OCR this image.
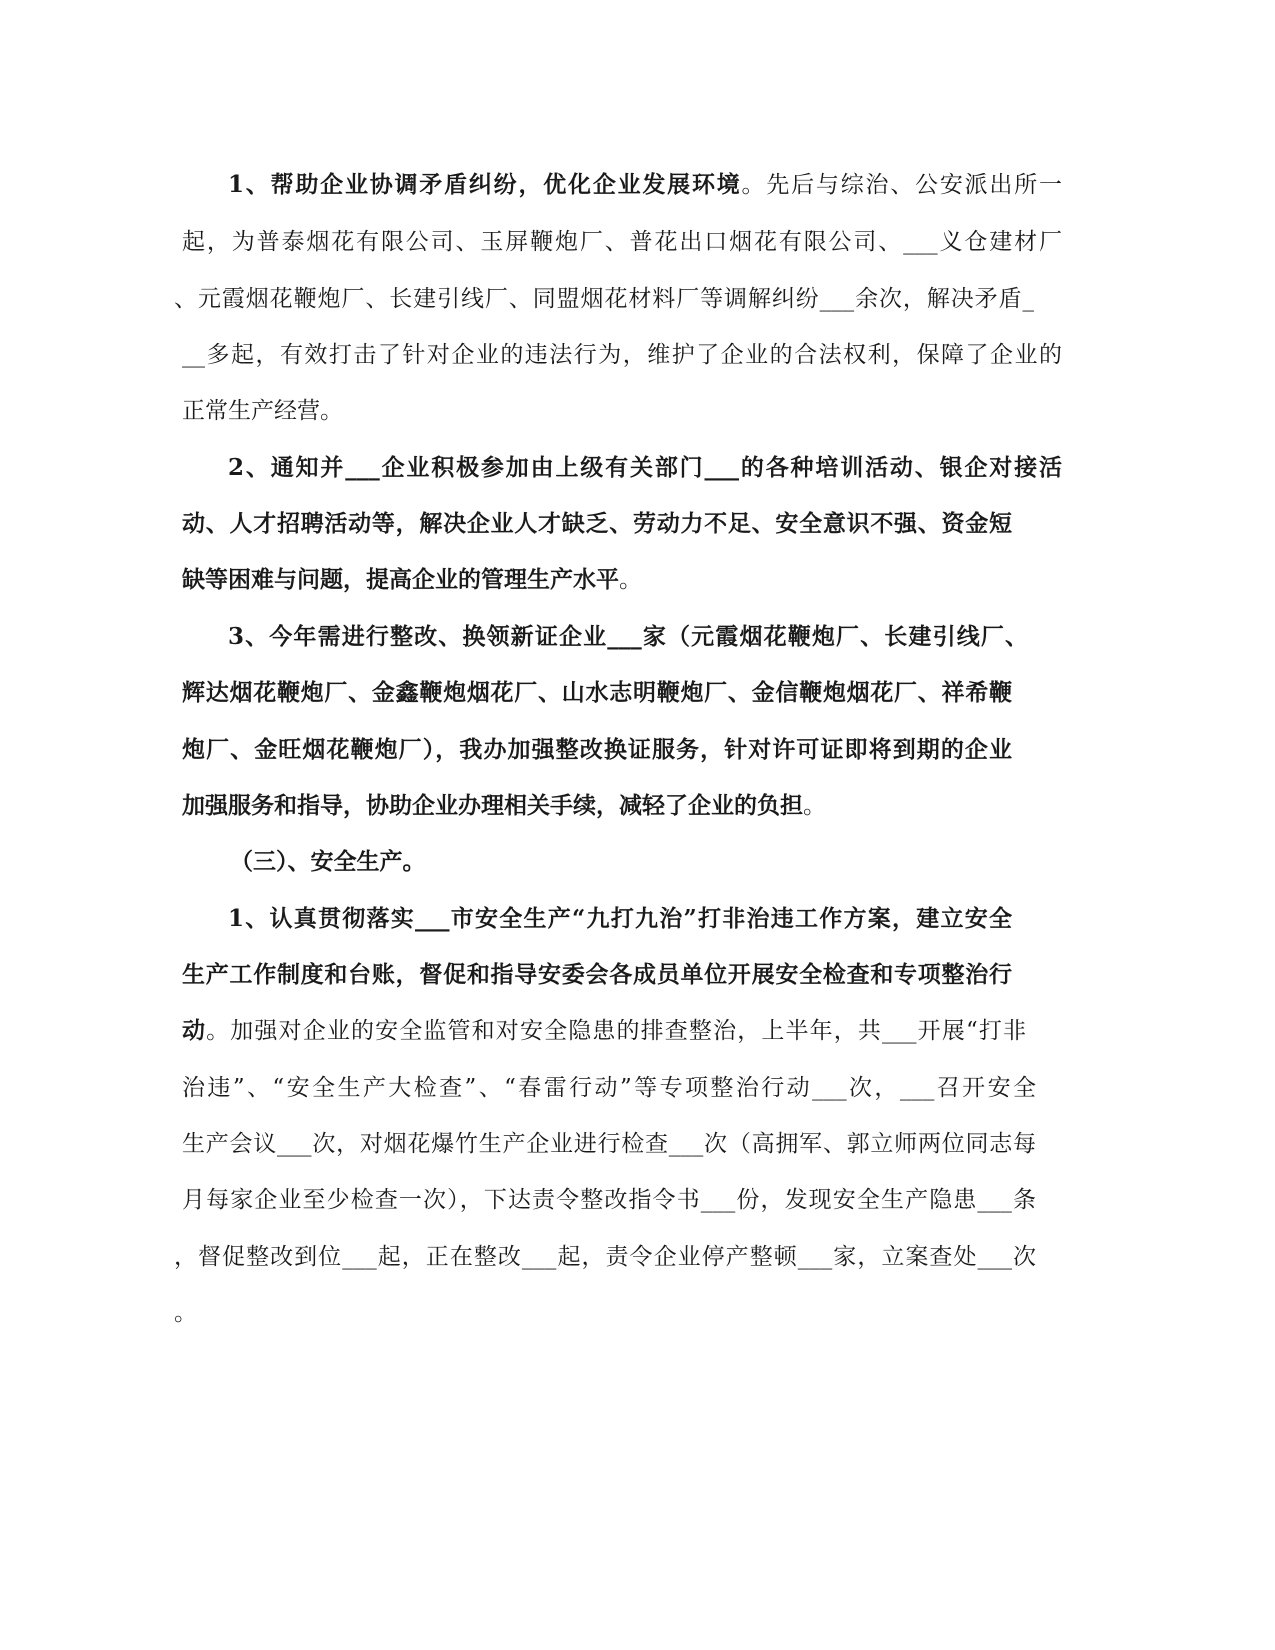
1、帮助企业协调矛盾纠纷，优化企业发展环境。先后与综治、公安派出所一
起，为普泰烟花有限公司、玉屏鞭炮厂、普花出口烟花有限公司、___义仓建材厂
、元霞烟花鞭炮厂、长建引线厂、同盟烟花材料厂等调解纠纷___余次，解决矛盾_
__多起，有效打击了针对企业的违法行为，维护了企业的合法权利，保障了企业的
正常生产经营。
2、通知并___企业积极参加由上级有关部门___的各种培训活动、银企对接活
动、人才招聘活动等，解决企业人才缺乏、劳动力不足、安全意识不强、资金短
缺等困难与问题，提高企业的管理生产水平。
3、今年需进行整改、换领新证企业___家（元霞烟花鞭炮厂、长建引线厂、
辉达烟花鞭炮厂、金鑫鞭炮烟花厂、山水志明鞭炮厂、金信鞭炮烟花厂、祥希鞭
炮厂、金旺烟花鞭炮厂），我办加强整改换证服务，针对许可证即将到期的企业
加强服务和指导，协助企业办理相关手续，减轻了企业的负担。
（三）、安全生产。
1、认真贯彻落实___市安全生产“九打九治”打非治违工作方案，建立安全
生产工作制度和台账，督促和指导安委会各成员单位开展安全检查和专项整治行
动。加强对企业的安全监管和对安全隐患的排查整治，上半年，共___开展“打非
治违”、“安全生产大检查”、“春雷行动”等专项整治行动___次，___召开安全
生产会议___次，对烟花爆竹生产企业进行检查___次（高拥军、郭立师两位同志每
月每家企业至少检查一次），下达责令整改指令书___份，发现安全生产隐患___条
，督促整改到位___起，正在整改___起，责令企业停产整顿___家，立案查处___次
。
